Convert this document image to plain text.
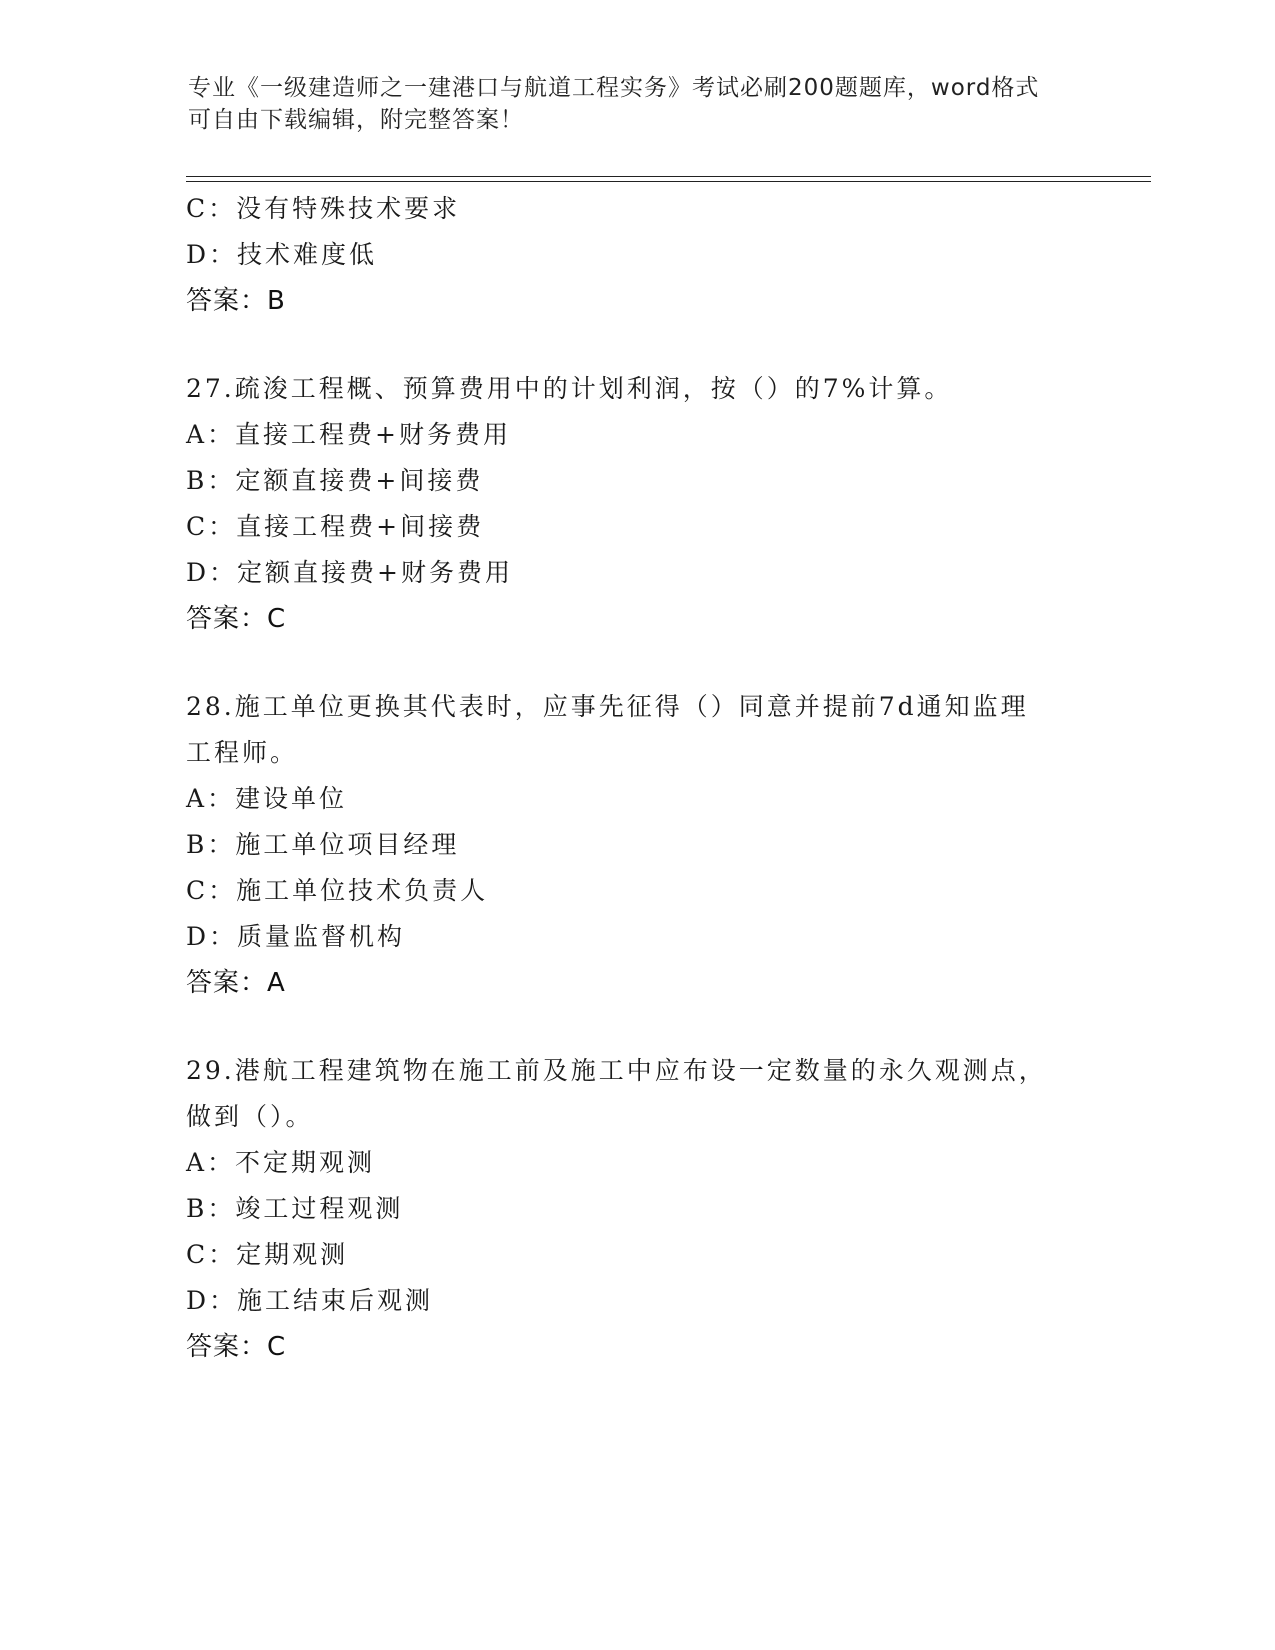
专业《一级建造师之一建港口与航道工程实务》考试必刷200题题库，word格式
可自由下载编辑，附完整答案！
C：没有特殊技术要求
D：技术难度低
答案：B
27.疏浚工程概、预算费用中的计划利润，按（）的7%计算。
A：直接工程费+财务费用
B：定额直接费+间接费
C：直接工程费+间接费
D：定额直接费+财务费用
答案：C
28.施工单位更换其代表时，应事先征得（）同意并提前7d通知监理
工程师。
A：建设单位
B：施工单位项目经理
C：施工单位技术负责人
D：质量监督机构
答案：A
29.港航工程建筑物在施工前及施工中应布设一定数量的永久观测点，
做到（）。
A：不定期观测
B：竣工过程观测
C：定期观测
D：施工结束后观测
答案：C
